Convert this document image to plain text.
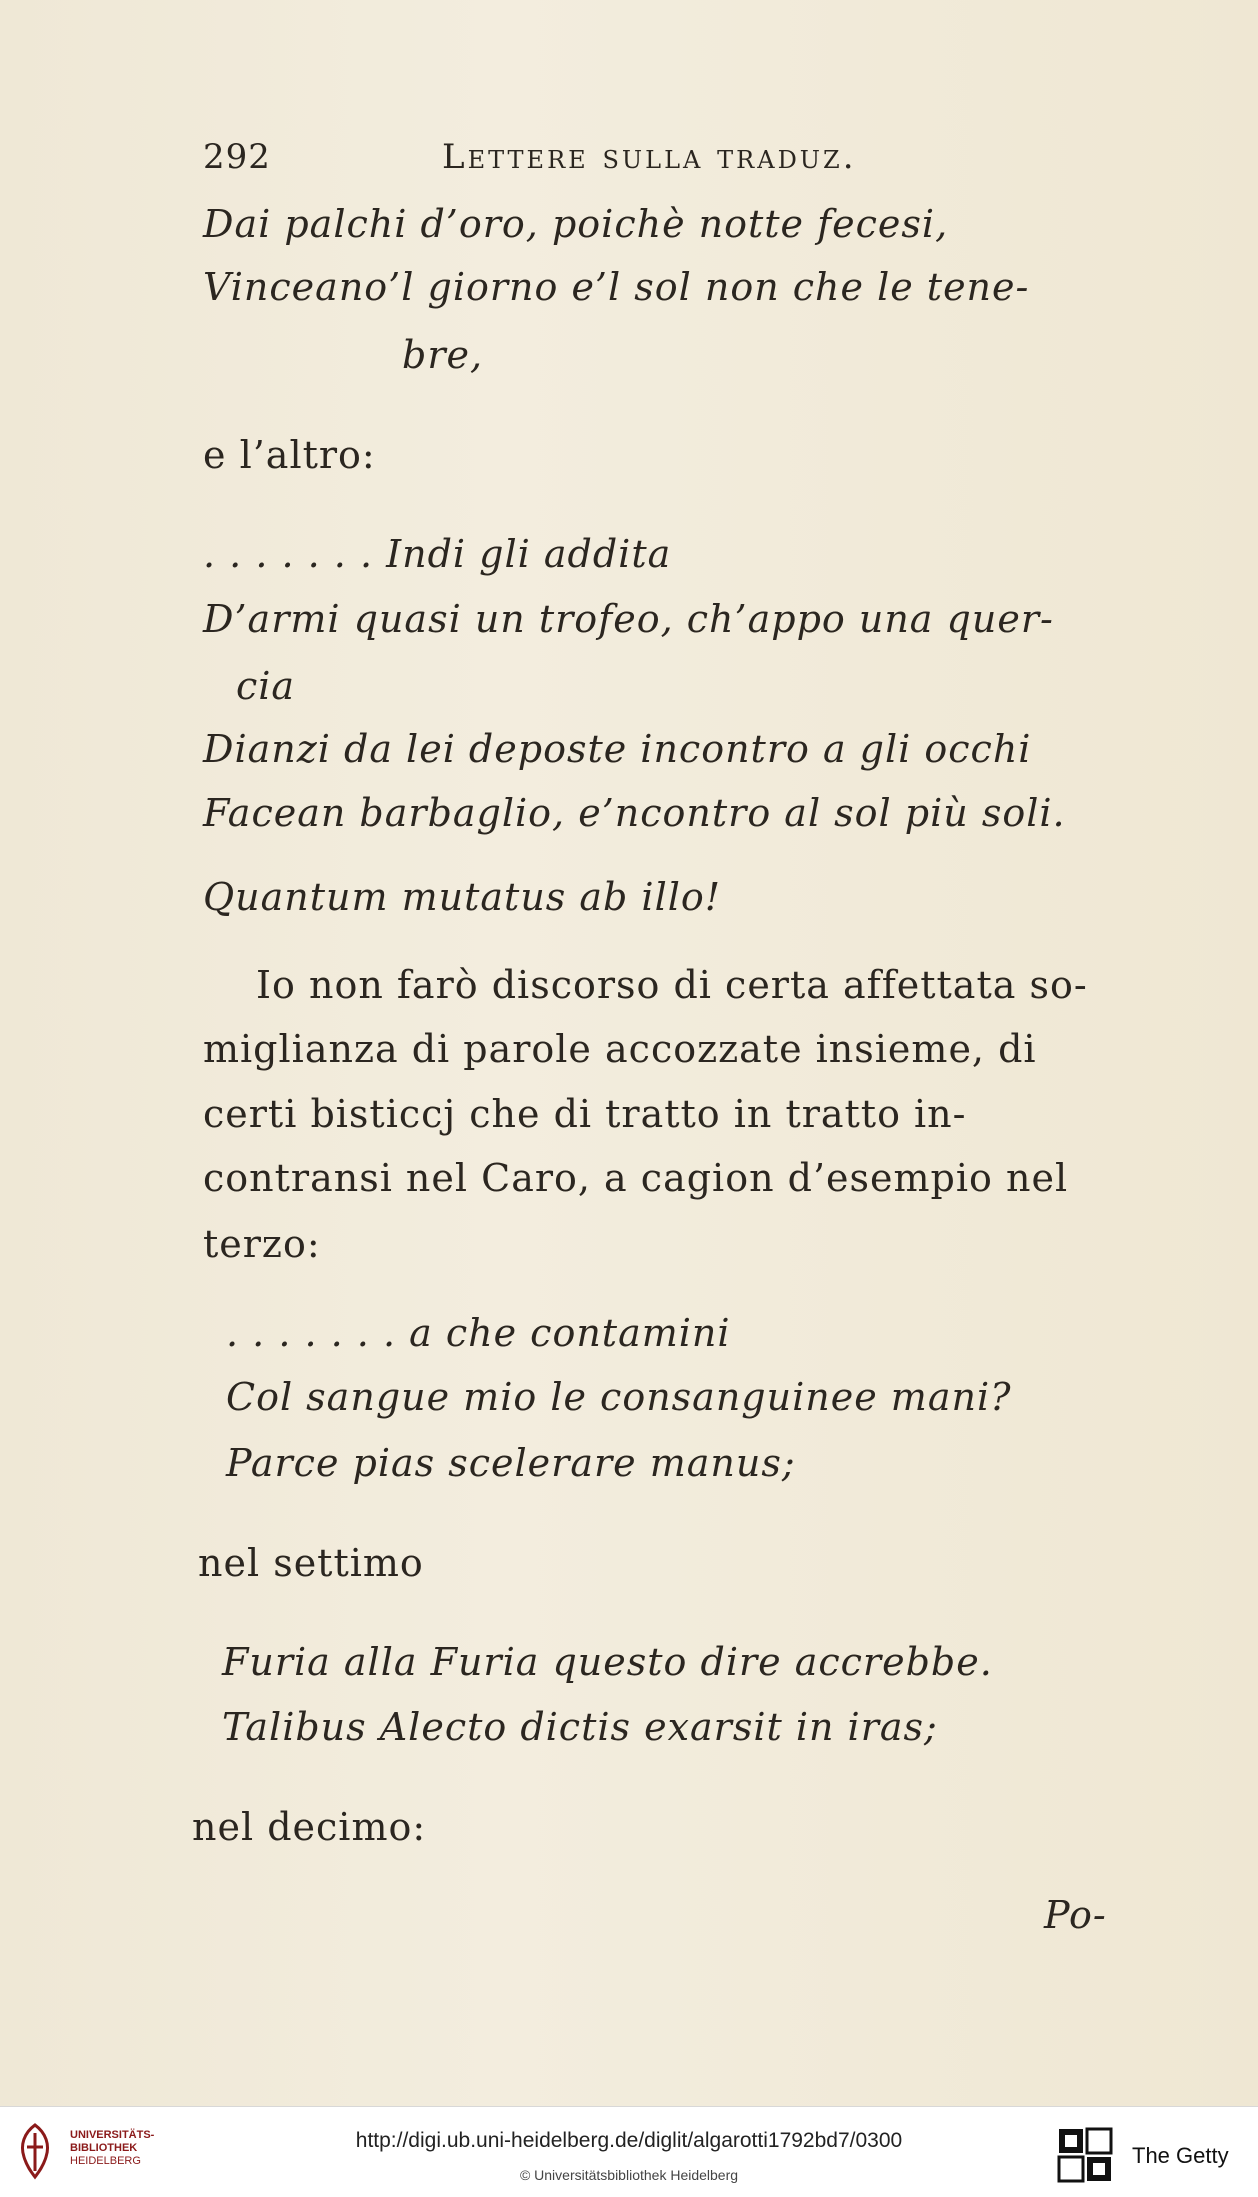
292	Lettere sulla traduz.
Dai palchi d’oro, poichè notte fecesi,
Vinceano’l giorno e’l sol non che le tene-
bre,
e l’altro:
. . . . . . . Indi gli addita
D’armi quasi un trofeo, ch’appo una quer-
cia
Dianzi da lei deposte incontro a gli occhi
Facean barbaglio, e’ncontro al sol più soli.
Quantum mutatus ab illo!
Io non farò discorso di certa affettata so-
miglianza di parole accozzate insieme, di
certi bisticcj che di tratto in tratto in-
contransi nel Caro, a cagion d’esempio nel
terzo:
. . . . . . . a che contamini
Col sangue mio le consanguinee mani?
Parce pias scelerare manus;
nel settimo
Furia alla Furia questo dire accrebbe.
Talibus Alecto dictis exarsit in iras;
nel decimo:
Po-
UNIVERSITÄTS-
BIBLIOTHEK
HEIDELBERG
http://digi.ub.uni-heidelberg.de/diglit/algarotti1792bd7/0300
© Universitätsbibliothek Heidelberg
The Getty
